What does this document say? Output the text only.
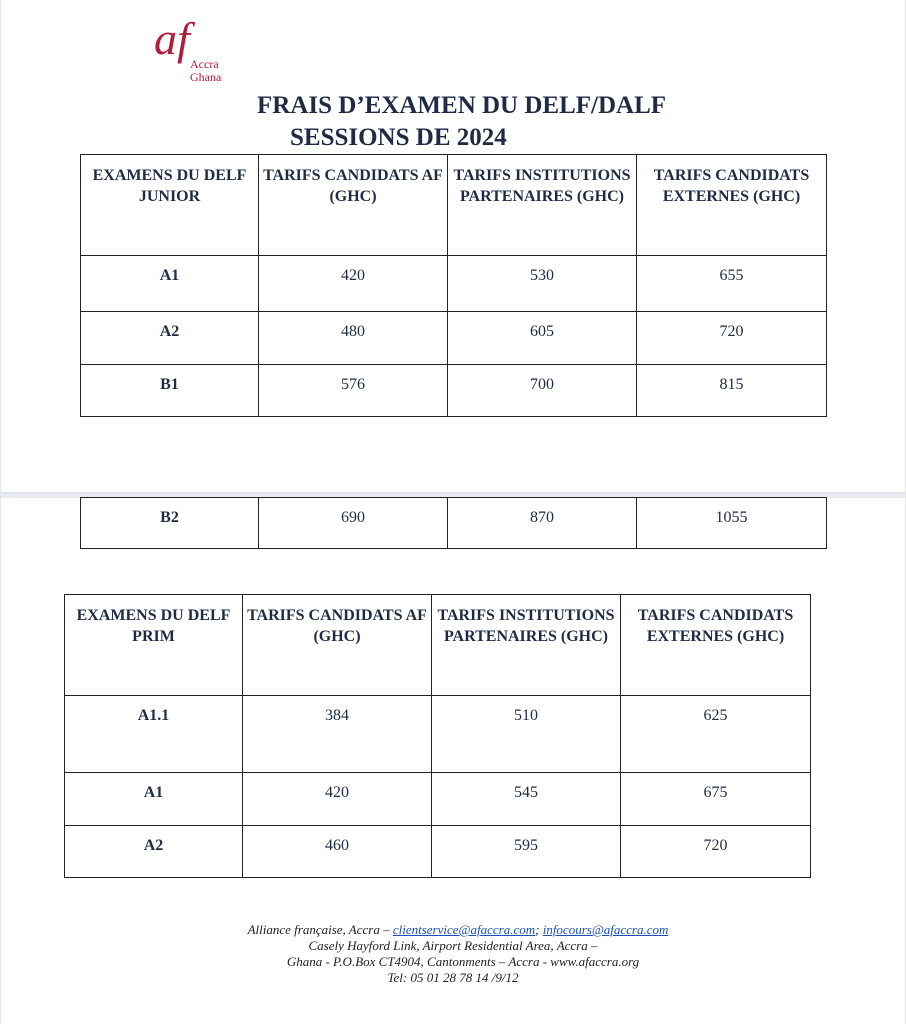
af Accra
Ghana
FRAIS D’EXAMEN DU DELF/DALF
SESSIONS DE 2024
EXAMENS DU DELF JUNIOR	TARIFS CANDIDATS AF (GHC)	TARIFS INSTITUTIONS PARTENAIRES (GHC)	TARIFS CANDIDATS EXTERNES (GHC)
A1	420	530	655
A2	480	605	720
B1	576	700	815
B2	690	870	1055
EXAMENS DU DELF PRIM	TARIFS CANDIDATS AF (GHC)	TARIFS INSTITUTIONS PARTENAIRES (GHC)	TARIFS CANDIDATS EXTERNES (GHC)
A1.1	384	510	625
A1	420	545	675
A2	460	595	720
Alliance française, Accra – clientservice@afaccra.com; infocours@afaccra.com
Casely Hayford Link, Airport Residential Area, Accra –
Ghana - P.O.Box CT4904, Cantonments – Accra - www.afaccra.org
Tel: 05 01 28 78 14 /9/12
